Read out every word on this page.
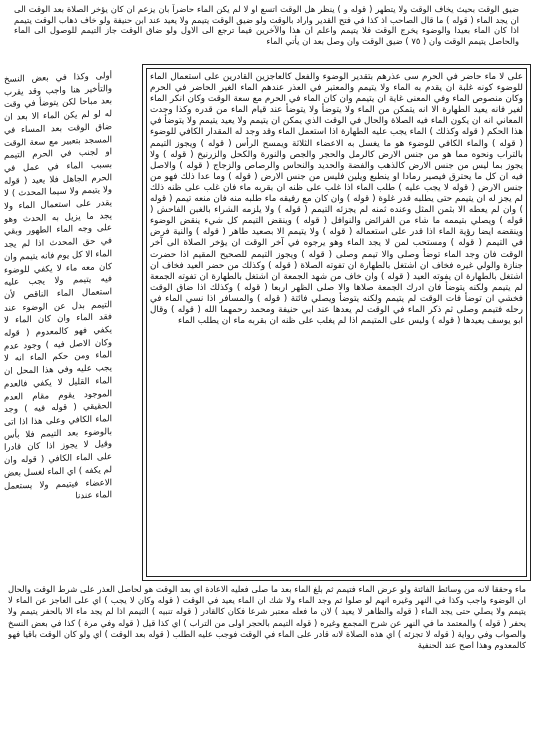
ضيق الوقت بحيث يخاف الوقت ولا يتطهر ( قوله و ) ينظر هل الوقت اتسع او لا لم يكن الماء حاضراً بان يزعم ان كان يؤخر الصلاة بعد الوقت الى ان يجد الماء ( قوله ) ما قال الصاحب اذ كذا في فتح القدير واراد بالوقت ولو ضيق الوقت يتيمم ولا يعيد عند ابن حنيفة ولو خاف ذهاب الوقت يتيمم اذا كان الماء بعيدا والوضوء يخرج الوقت فلا يتيمم واعلم ان هذا والآخرين فيما ترجع الى الاول ولو ضاق الوقت جاز التيمم للوصول الى الماء والحاصل يتيمم الوقت وان ( ٧٥ ) ضيق الوقت وان وصل بعد ان يأتي الماء
أولى وكذا في بعض النسخ والتأخير هنا واجب وقد يقرب بعد مباحا لكن يتوضأ في وقت له لو لم يكن الماء الا بعد ان ضاق الوقت بعد المساء في المسجد بتعبير مع سعة الوقت او لجنب في الحرم التيمم بسبب الماء في عمل في الحرم الجاهل فلا يعيد ( قوله ولا يتيمم ولا سيما المحدث ) لا يقدر على استعمال الماء ولا يجد ما يزيل به الحدث وهو على وجه الماء الطهور وبقي في حق المحدث اذا لم يجد الماء الا كل يوم فانه يتيمم وان كان معه ماء لا يكفي للوضوء فيه يتيمم ولا يجب عليه استعمال الماء الناقص لأن التيمم بدل عن الوضوء عند فقد الماء وان كان الماء لا يكفي فهو كالمعدوم ( قوله وكان الاصل فيه ) وجود عدم الماء ومن حكم الماء انه لا يجب عليه وفي هذا المحل ان الماء القليل لا يكفي فالعدم الموجود يقوم مقام العدم الحقيقي ( قوله فيه ) وجد الماء الكافي وعلى هذا اذا اتى بالوضوء بعد التيمم فلا بأس وقيل لا يجوز اذا كان قادرا على الماء الكافي ( قوله وان لم يكفه ) اي الماء لغسل بعض الاعضاء فيتيمم ولا يستعمل الماء عندنا
على لا ماء حاضر في الحرم سى عذرهم بتقدير الوضوء والفعل كالعاجزين القادرين على استعمال الماء للوضوء كونه غلبة ان يقدم به الماء ولا يتيمم والمعتبر في العذر عندهم الماء الغير الحاضر في الحرم وكان منصوص الماء وفي المعنى غاية ان يتيمم وان كان الماء في الحرم مع سعة الوقت وكان انكر الماء لغير فانه يعيد الطهارة الا انه يتمكن من الماء ولا يتوضأ ولا يتوضأ عند قيام الماء من قدره وكذا وجدت المعاني انه ان يكون الماء فيه الصلاة والحال في الوقت الذي يمكن ان يتيمم ولا يعيد يتيمم ولا يتوضأ في هذا الحكم ( قوله وكذلك ) الماء يجب عليه الطهارة اذا استعمل الماء وقد وجد له المقدار الكافي للوضوء ( قوله ) والماء الكافي للوضوء هو ما يغسل به الاعضاء الثلاثة ويمسح الرأس ( قوله ) ويجوز التيمم بالتراب ونحوه مما هو من جنس الارض كالرمل والحجر والجص والنورة والكحل والزرنيخ ( قوله ) ولا يجوز بما ليس من جنس الارض كالذهب والفضة والحديد والنحاس والرصاص والزجاج ( قوله ) والاصل فيه ان كل ما يحترق فيصير رمادا او ينطبع ويلين فليس من جنس الارض ( قوله ) وما عدا ذلك فهو من جنس الارض ( قوله لا يجب عليه ) طلب الماء اذا غلب على ظنه ان بقربه ماء فان غلب على ظنه ذلك لم يجز له ان يتيمم حتى يطلبه قدر غلوة ( قوله ) وان كان مع رفيقه ماء طلبه منه فان منعه تيمم ( قوله ) وان لم يعطه الا بثمن المثل وعنده ثمنه لم يجزئه التيمم ( قوله ) ولا يلزمه الشراء بالغبن الفاحش ( قوله ) ويصلي بتيممه ما شاء من الفرائض والنوافل ( قوله ) وينقض التيمم كل شيء ينقض الوضوء وينقضه ايضا رؤية الماء اذا قدر على استعماله ( قوله ) ولا يتيمم الا بصعيد طاهر ( قوله ) والنية فرض في التيمم ( قوله ) ومستحب لمن لا يجد الماء وهو يرجوه في آخر الوقت ان يؤخر الصلاة الى آخر الوقت فان وجد الماء توضأ وصلى والا تيمم وصلى ( قوله ) ويجوز التيمم للصحيح المقيم اذا حضرت جنازة والولي غيره فخاف ان اشتغل بالطهارة ان تفوته الصلاة ( قوله ) وكذلك من حضر العيد فخاف ان اشتغل بالطهارة ان يفوته العيد ( قوله ) وان خاف من شهد الجمعة ان اشتغل بالطهارة ان تفوته الجمعة لم يتيمم ولكنه يتوضأ فان ادرك الجمعة صلاها والا صلى الظهر اربعا ( قوله ) وكذلك اذا ضاق الوقت فخشي ان توضأ فات الوقت لم يتيمم ولكنه يتوضأ ويصلي فائتة ( قوله ) والمسافر اذا نسي الماء في رحله فتيمم وصلى ثم ذكر الماء في الوقت لم يعدها عند ابي حنيفة ومحمد رحمهما الله ( قوله ) وقال ابو يوسف يعيدها ( قوله ) وليس على المتيمم اذا لم يغلب على ظنه ان بقربه ماء ان يطلب الماء
ماء وحققا لانه من وسائط الفائتة ولو عرض الماء فتيمم ثم بلغ الماء بعد ما صلى فعليه الاعادة اي بعد الوقت هو لحاصل العذر على شرط الوقت والحال ان الوضوء واجب وكذا في النهر وغيره انهم لو صلوا ثم وجد الماء ولا شك ان الماء يعيد في الوقت ( قوله وكان لا يجب ) اي على العاجز عن الماء لا يتيمم ولا يصلي حتى يجد الماء ( قوله والظاهر لا يعيد ) لان ما فعله معتبر شرعا فكان كالقادر ( قوله تنبيه ) التيمم اذا لم يجد ماء الا بالحفر يتيمم ولا يحفر ( قوله ) والمعتمد ما في النهر عن شرح المجمع وغيره ( قوله التيمم بالحجر اولى من التراب ) اي كذا قيل ( قوله وفي مرة ) كذا في بعض النسخ والصواب وفي رواية ( قوله لا تجزئه ) اي هذه الصلاة لانه قادر على الماء في الوقت فوجب عليه الطلب ( قوله بعد الوقت ) اي ولو كان الوقت باقيا فهو كالمعدوم وهذا اصح عند الحنفية
